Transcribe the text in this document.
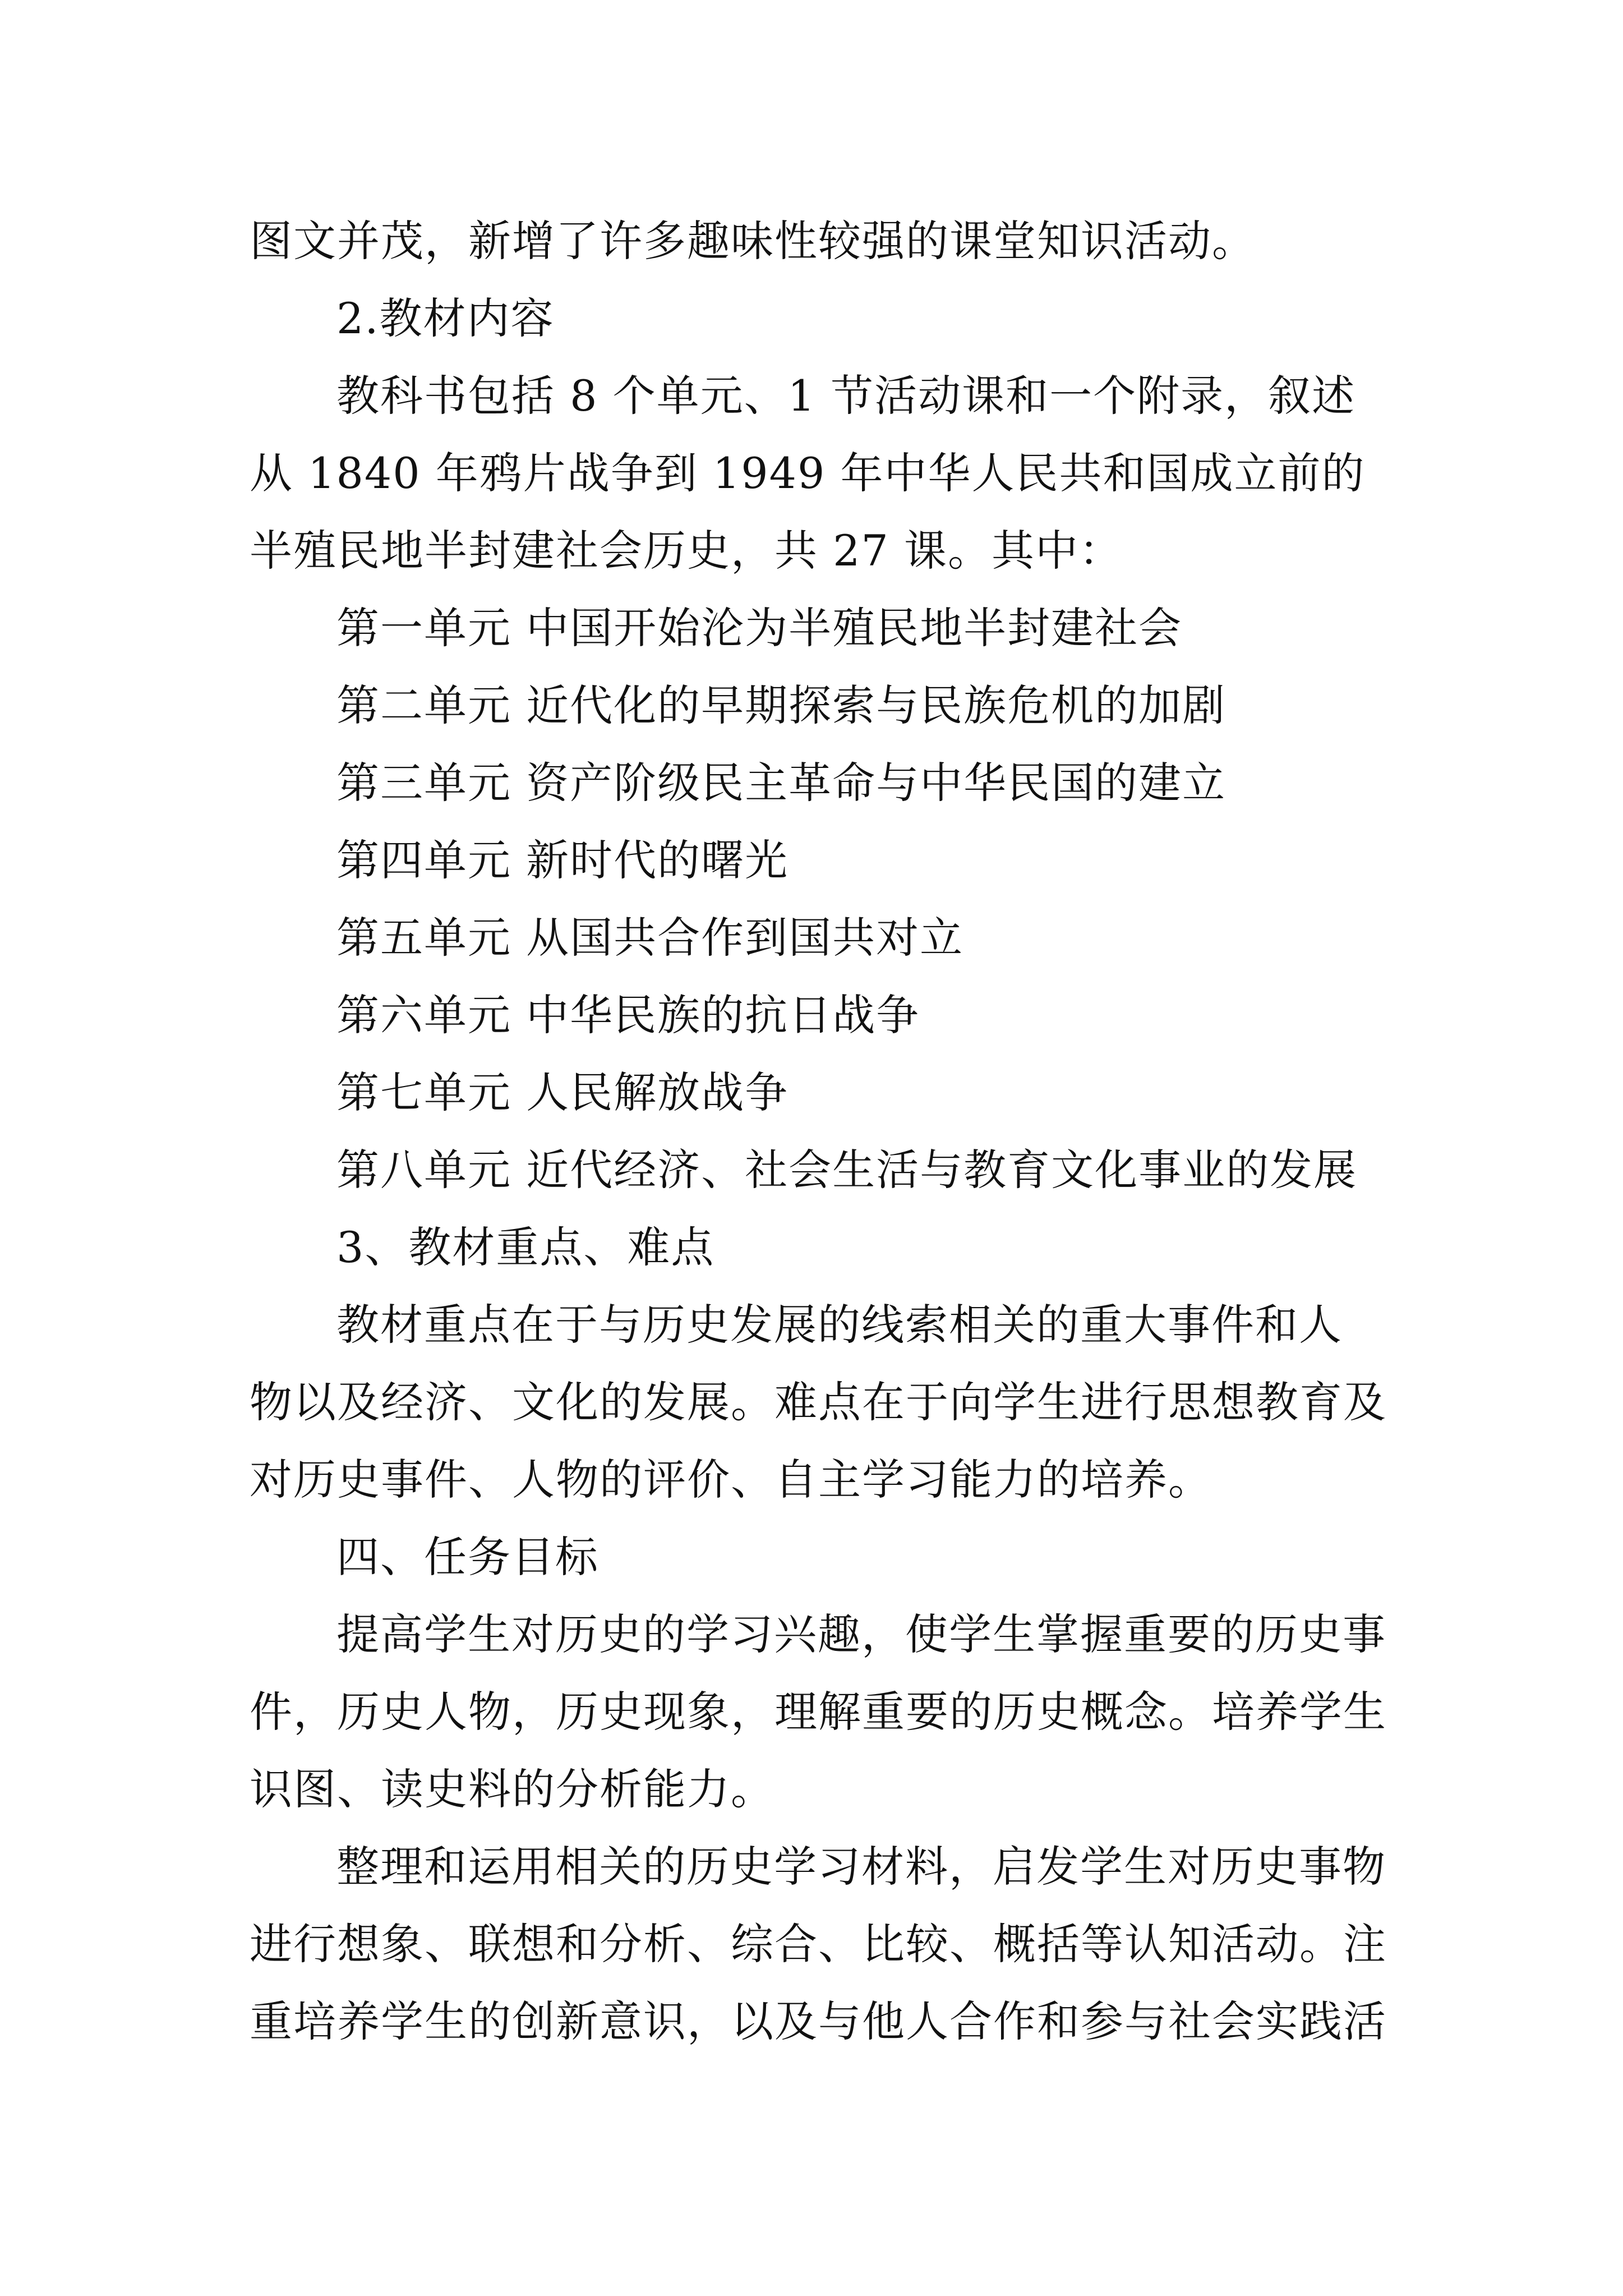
图文并茂，新增了许多趣味性较强的课堂知识活动。
2.教材内容
教科书包括 8 个单元、1 节活动课和一个附录，叙述
从 1840 年鸦片战争到 1949 年中华人民共和国成立前的
半殖民地半封建社会历史，共 27 课。其中：
第一单元 中国开始沦为半殖民地半封建社会
第二单元 近代化的早期探索与民族危机的加剧
第三单元 资产阶级民主革命与中华民国的建立
第四单元 新时代的曙光
第五单元 从国共合作到国共对立
第六单元 中华民族的抗日战争
第七单元 人民解放战争
第八单元 近代经济、社会生活与教育文化事业的发展
3、教材重点、难点
教材重点在于与历史发展的线索相关的重大事件和人
物以及经济、文化的发展。难点在于向学生进行思想教育及
对历史事件、人物的评价、自主学习能力的培养。
四、任务目标
提高学生对历史的学习兴趣，使学生掌握重要的历史事
件，历史人物，历史现象，理解重要的历史概念。培养学生
识图、读史料的分析能力。
整理和运用相关的历史学习材料，启发学生对历史事物
进行想象、联想和分析、综合、比较、概括等认知活动。注
重培养学生的创新意识，以及与他人合作和参与社会实践活
